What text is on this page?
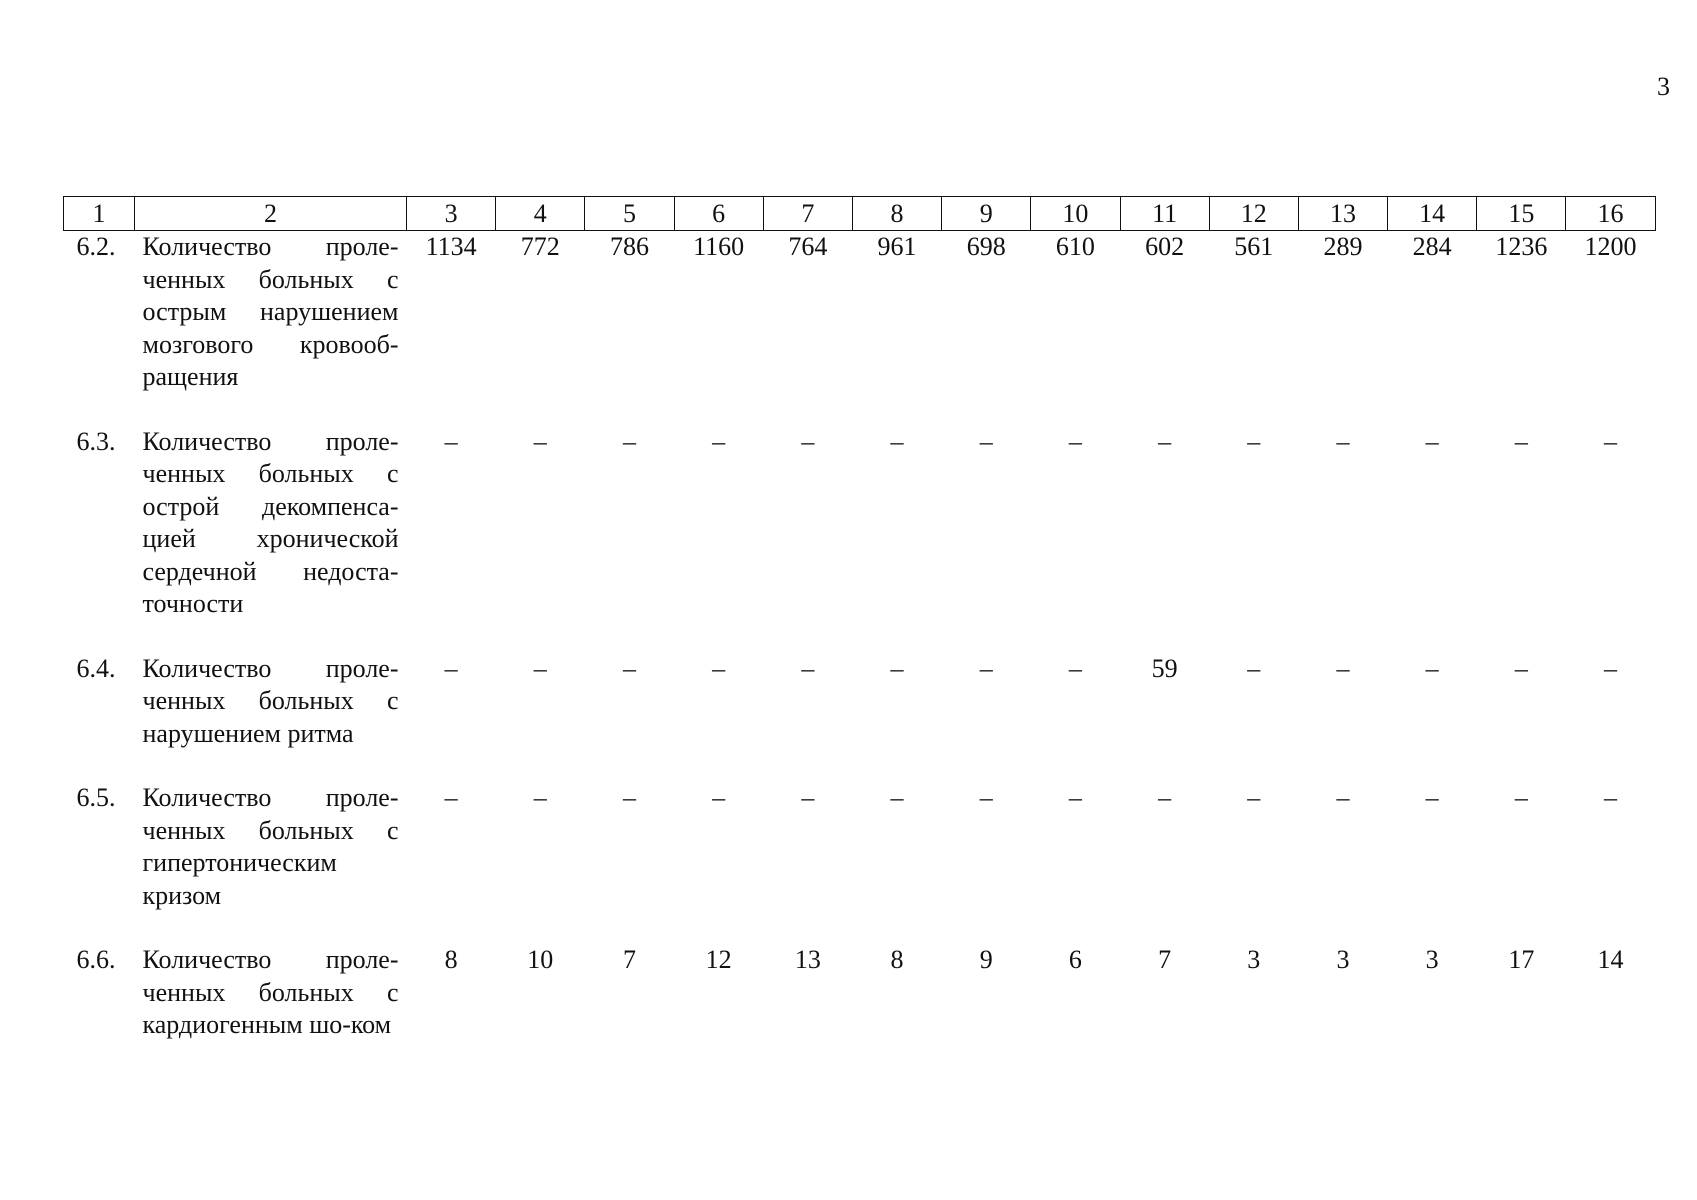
3
1	2	3	4	5	6	7	8	9	10	11	12	13	14	15	16
6.2.	Количество проле-ченных больных с острым нарушением мозгового кровооб-ращения	1134	772	786	1160	764	961	698	610	602	561	289	284	1236	1200
6.3.	Количество проле-ченных больных с острой декомпенса-цией хронической сердечной недоста-точности	–	–	–	–	–	–	–	–	–	–	–	–	–	–
6.4.	Количество проле-ченных больных с нарушением ритма	–	–	–	–	–	–	–	–	59	–	–	–	–	–
6.5.	Количество проле-ченных больных с гипертоническим кризом	–	–	–	–	–	–	–	–	–	–	–	–	–	–
6.6.	Количество проле-ченных больных с кардиогенным шо-ком	8	10	7	12	13	8	9	6	7	3	3	3	17	14
